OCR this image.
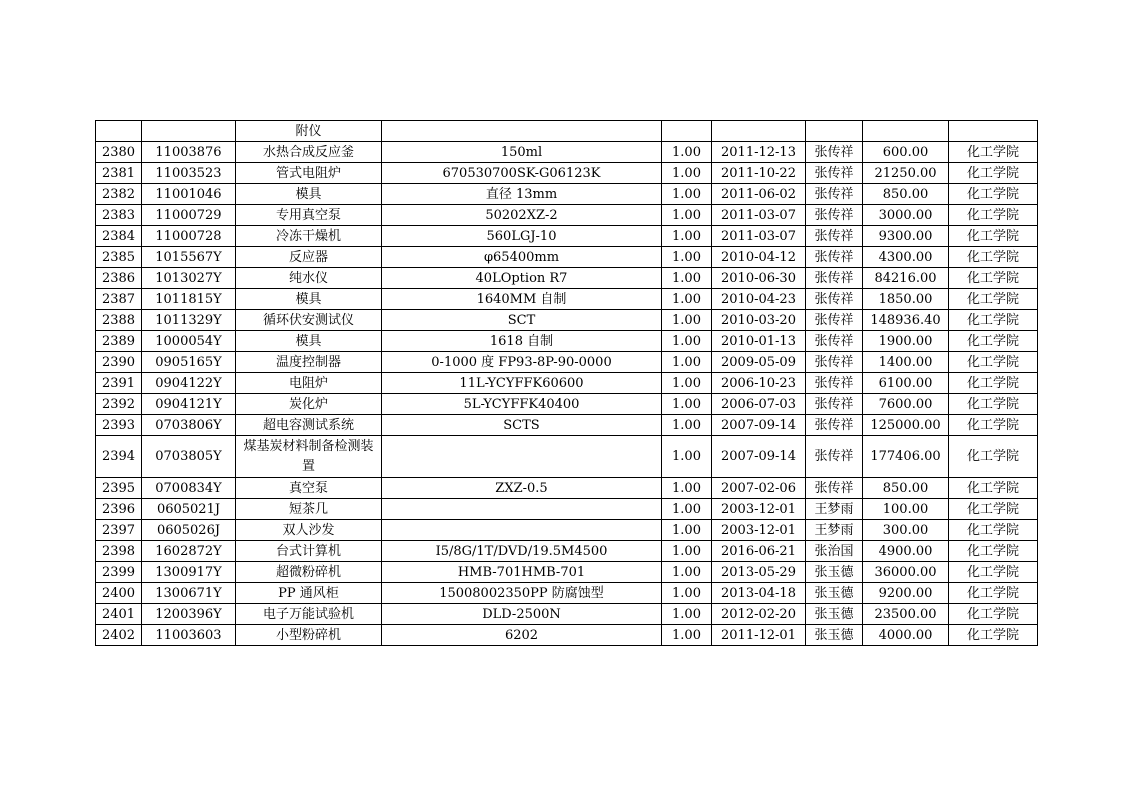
		附仪						
2380	11003876	水热合成反应釜	150ml	1.00	2011-12-13	张传祥	600.00	化工学院
2381	11003523	管式电阻炉	670530700SK-G06123K	1.00	2011-10-22	张传祥	21250.00	化工学院
2382	11001046	模具	直径 13mm	1.00	2011-06-02	张传祥	850.00	化工学院
2383	11000729	专用真空泵	50202XZ-2	1.00	2011-03-07	张传祥	3000.00	化工学院
2384	11000728	冷冻干燥机	560LGJ-10	1.00	2011-03-07	张传祥	9300.00	化工学院
2385	1015567Y	反应器	φ65400mm	1.00	2010-04-12	张传祥	4300.00	化工学院
2386	1013027Y	纯水仪	40LOption R7	1.00	2010-06-30	张传祥	84216.00	化工学院
2387	1011815Y	模具	1640MM 自制	1.00	2010-04-23	张传祥	1850.00	化工学院
2388	1011329Y	循环伏安测试仪	SCT	1.00	2010-03-20	张传祥	148936.40	化工学院
2389	1000054Y	模具	1618 自制	1.00	2010-01-13	张传祥	1900.00	化工学院
2390	0905165Y	温度控制器	0-1000 度 FP93-8P-90-0000	1.00	2009-05-09	张传祥	1400.00	化工学院
2391	0904122Y	电阻炉	11L-YCYFFK60600	1.00	2006-10-23	张传祥	6100.00	化工学院
2392	0904121Y	炭化炉	5L-YCYFFK40400	1.00	2006-07-03	张传祥	7600.00	化工学院
2393	0703806Y	超电容测试系统	SCTS	1.00	2007-09-14	张传祥	125000.00	化工学院
2394	0703805Y	煤基炭材料制备检测装置		1.00	2007-09-14	张传祥	177406.00	化工学院
2395	0700834Y	真空泵	ZXZ-0.5	1.00	2007-02-06	张传祥	850.00	化工学院
2396	0605021J	短茶几		1.00	2003-12-01	王梦雨	100.00	化工学院
2397	0605026J	双人沙发		1.00	2003-12-01	王梦雨	300.00	化工学院
2398	1602872Y	台式计算机	I5/8G/1T/DVD/19.5M4500	1.00	2016-06-21	张治国	4900.00	化工学院
2399	1300917Y	超微粉碎机	HMB-701HMB-701	1.00	2013-05-29	张玉德	36000.00	化工学院
2400	1300671Y	PP 通风柜	15008002350PP 防腐蚀型	1.00	2013-04-18	张玉德	9200.00	化工学院
2401	1200396Y	电子万能试验机	DLD-2500N	1.00	2012-02-20	张玉德	23500.00	化工学院
2402	11003603	小型粉碎机	6202	1.00	2011-12-01	张玉德	4000.00	化工学院
